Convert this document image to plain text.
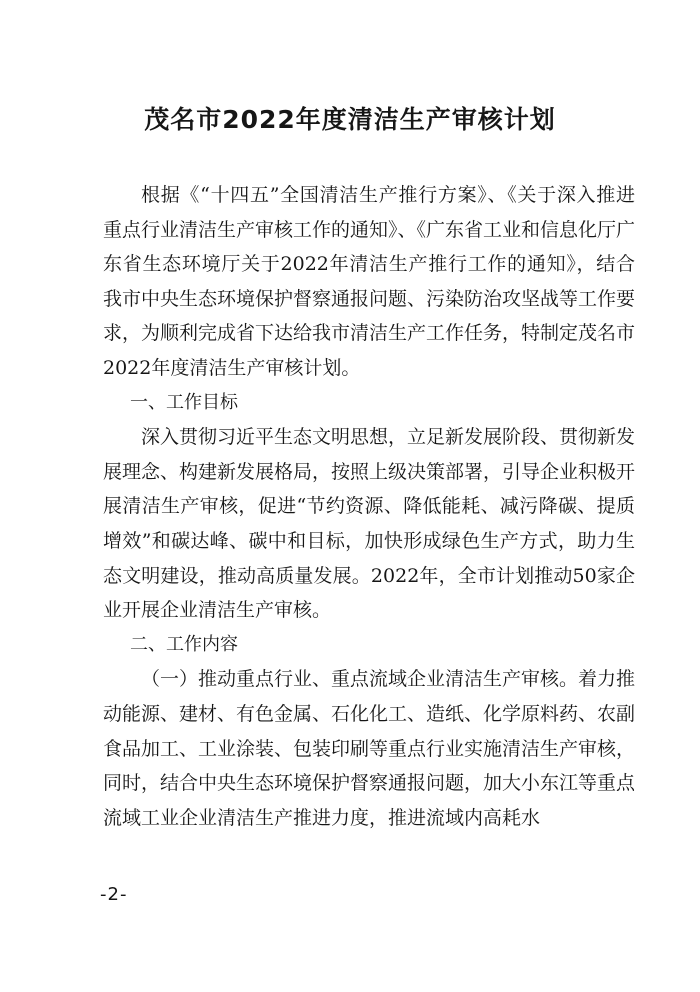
茂名市2022年度清洁生产审核计划

根据《“十四五”全国清洁生产推行方案》、《关于深入推进重点行业清洁生产审核工作的通知》、《广东省工业和信息化厅广东省生态环境厅关于2022年清洁生产推行工作的通知》，结合我市中央生态环境保护督察通报问题、污染防治攻坚战等工作要求，为顺利完成省下达给我市清洁生产工作任务，特制定茂名市2022年度清洁生产审核计划。

一、工作目标

深入贯彻习近平生态文明思想，立足新发展阶段、贯彻新发展理念、构建新发展格局，按照上级决策部署，引导企业积极开展清洁生产审核，促进“节约资源、降低能耗、减污降碳、提质增效”和碳达峰、碳中和目标，加快形成绿色生产方式，助力生态文明建设，推动高质量发展。2022年，全市计划推动50家企业开展企业清洁生产审核。

二、工作内容

（一）推动重点行业、重点流域企业清洁生产审核。着力推动能源、建材、有色金属、石化化工、造纸、化学原料药、农副食品加工、工业涂装、包装印刷等重点行业实施清洁生产审核，同时，结合中央生态环境保护督察通报问题，加大小东江等重点流域工业企业清洁生产推进力度，推进流域内高耗水

-2-
